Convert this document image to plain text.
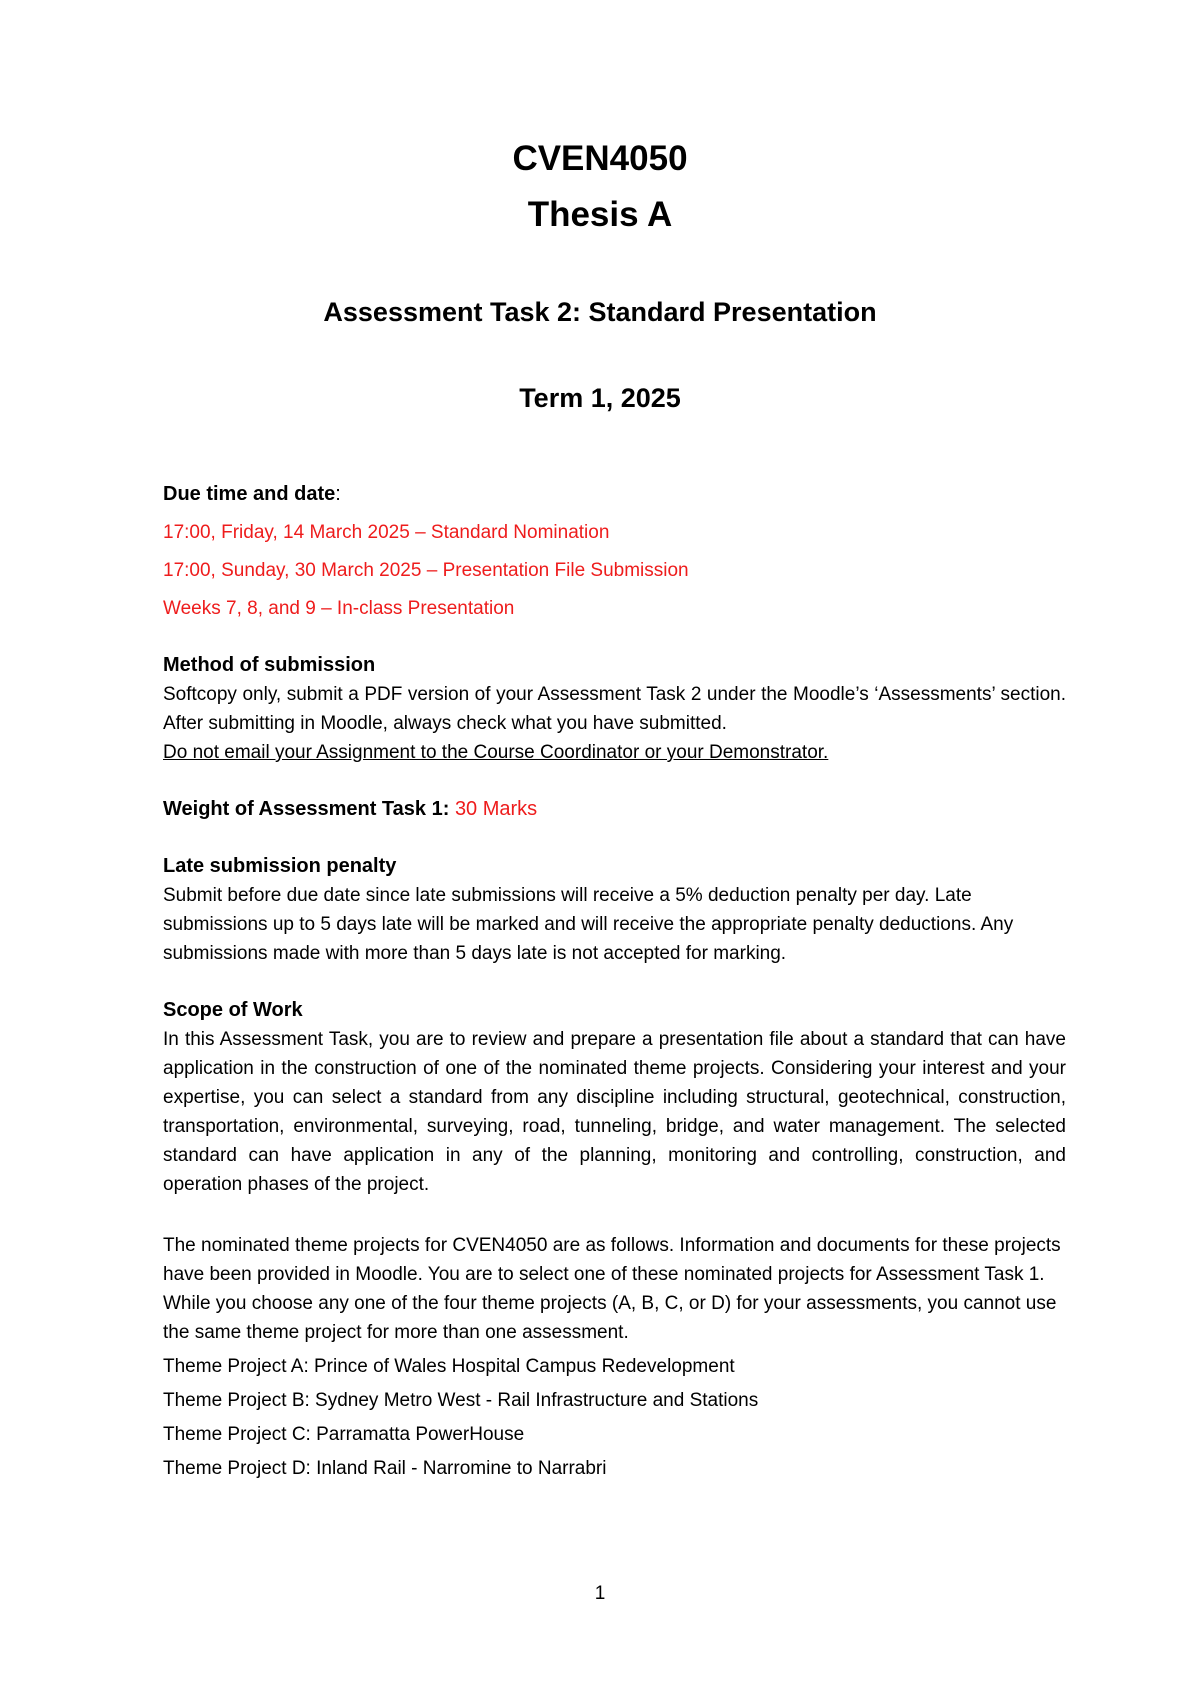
CVEN4050
Thesis A
Assessment Task 2: Standard Presentation
Term 1, 2025

Due time and date:

17:00, Friday, 14 March 2025 – Standard Nomination

17:00, Sunday, 30 March 2025 – Presentation File Submission

Weeks 7, 8, and 9 – In-class Presentation

Method of submission

Softcopy only, submit a PDF version of your Assessment Task 2 under the Moodle’s ‘Assessments’ section. After submitting in Moodle, always check what you have submitted.
Do not email your Assignment to the Course Coordinator or your Demonstrator.

Weight of Assessment Task 1: 30 Marks

Late submission penalty

Submit before due date since late submissions will receive a 5% deduction penalty per day. Late submissions up to 5 days late will be marked and will receive the appropriate penalty deductions. Any submissions made with more than 5 days late is not accepted for marking.

Scope of Work

In this Assessment Task, you are to review and prepare a presentation file about a standard that can have application in the construction of one of the nominated theme projects. Considering your interest and your expertise, you can select a standard from any discipline including structural, geotechnical, construction, transportation, environmental, surveying, road, tunneling, bridge, and water management. The selected standard can have application in any of the planning, monitoring and controlling, construction, and operation phases of the project.

The nominated theme projects for CVEN4050 are as follows. Information and documents for these projects have been provided in Moodle. You are to select one of these nominated projects for Assessment Task 1. While you choose any one of the four theme projects (A, B, C, or D) for your assessments, you cannot use the same theme project for more than one assessment.

Theme Project A: Prince of Wales Hospital Campus Redevelopment

Theme Project B: Sydney Metro West - Rail Infrastructure and Stations

Theme Project C: Parramatta PowerHouse

Theme Project D: Inland Rail - Narromine to Narrabri

1
